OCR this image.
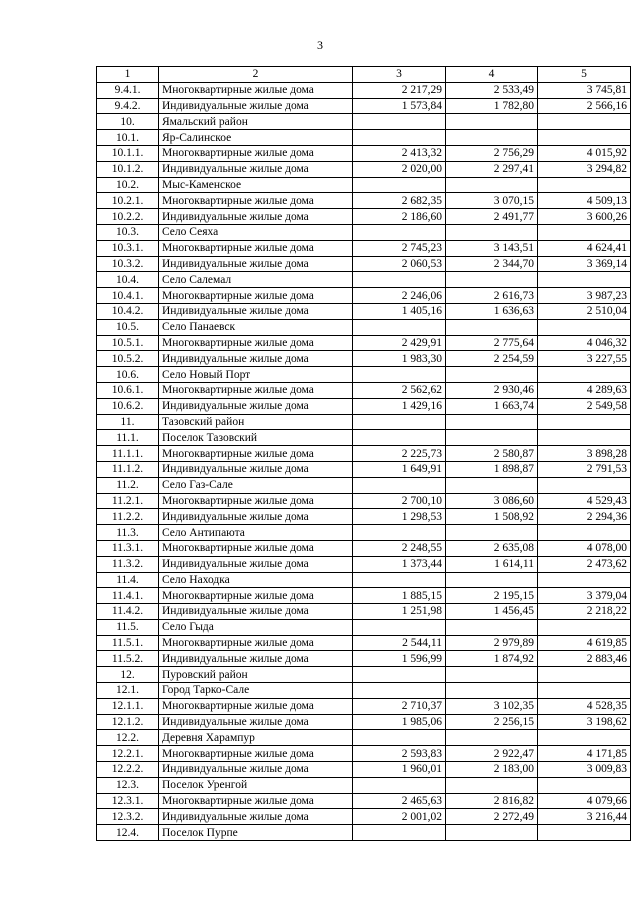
3
1	2	3	4	5
9.4.1.	Многоквартирные жилые дома	2 217,29	2 533,49	3 745,81
9.4.2.	Индивидуальные жилые дома	1 573,84	1 782,80	2 566,16
10.	Ямальский район			
10.1.	Яр-Салинское			
10.1.1.	Многоквартирные жилые дома	2 413,32	2 756,29	4 015,92
10.1.2.	Индивидуальные жилые дома	2 020,00	2 297,41	3 294,82
10.2.	Мыс-Каменское			
10.2.1.	Многоквартирные жилые дома	2 682,35	3 070,15	4 509,13
10.2.2.	Индивидуальные жилые дома	2 186,60	2 491,77	3 600,26
10.3.	Село Сеяха			
10.3.1.	Многоквартирные жилые дома	2 745,23	3 143,51	4 624,41
10.3.2.	Индивидуальные жилые дома	2 060,53	2 344,70	3 369,14
10.4.	Село Салемал			
10.4.1.	Многоквартирные жилые дома	2 246,06	2 616,73	3 987,23
10.4.2.	Индивидуальные жилые дома	1 405,16	1 636,63	2 510,04
10.5.	Село Панаевск			
10.5.1.	Многоквартирные жилые дома	2 429,91	2 775,64	4 046,32
10.5.2.	Индивидуальные жилые дома	1 983,30	2 254,59	3 227,55
10.6.	Село Новый Порт			
10.6.1.	Многоквартирные жилые дома	2 562,62	2 930,46	4 289,63
10.6.2.	Индивидуальные жилые дома	1 429,16	1 663,74	2 549,58
11.	Тазовский район			
11.1.	Поселок Тазовский			
11.1.1.	Многоквартирные жилые дома	2 225,73	2 580,87	3 898,28
11.1.2.	Индивидуальные жилые дома	1 649,91	1 898,87	2 791,53
11.2.	Село Газ-Сале			
11.2.1.	Многоквартирные жилые дома	2 700,10	3 086,60	4 529,43
11.2.2.	Индивидуальные жилые дома	1 298,53	1 508,92	2 294,36
11.3.	Село Антипаюта			
11.3.1.	Многоквартирные жилые дома	2 248,55	2 635,08	4 078,00
11.3.2.	Индивидуальные жилые дома	1 373,44	1 614,11	2 473,62
11.4.	Село Находка			
11.4.1.	Многоквартирные жилые дома	1 885,15	2 195,15	3 379,04
11.4.2.	Индивидуальные жилые дома	1 251,98	1 456,45	2 218,22
11.5.	Село Гыда			
11.5.1.	Многоквартирные жилые дома	2 544,11	2 979,89	4 619,85
11.5.2.	Индивидуальные жилые дома	1 596,99	1 874,92	2 883,46
12.	Пуровский район			
12.1.	Город Тарко-Сале			
12.1.1.	Многоквартирные жилые дома	2 710,37	3 102,35	4 528,35
12.1.2.	Индивидуальные жилые дома	1 985,06	2 256,15	3 198,62
12.2.	Деревня Харампур			
12.2.1.	Многоквартирные жилые дома	2 593,83	2 922,47	4 171,85
12.2.2.	Индивидуальные жилые дома	1 960,01	2 183,00	3 009,83
12.3.	Поселок Уренгой			
12.3.1.	Многоквартирные жилые дома	2 465,63	2 816,82	4 079,66
12.3.2.	Индивидуальные жилые дома	2 001,02	2 272,49	3 216,44
12.4.	Поселок Пурпе			
